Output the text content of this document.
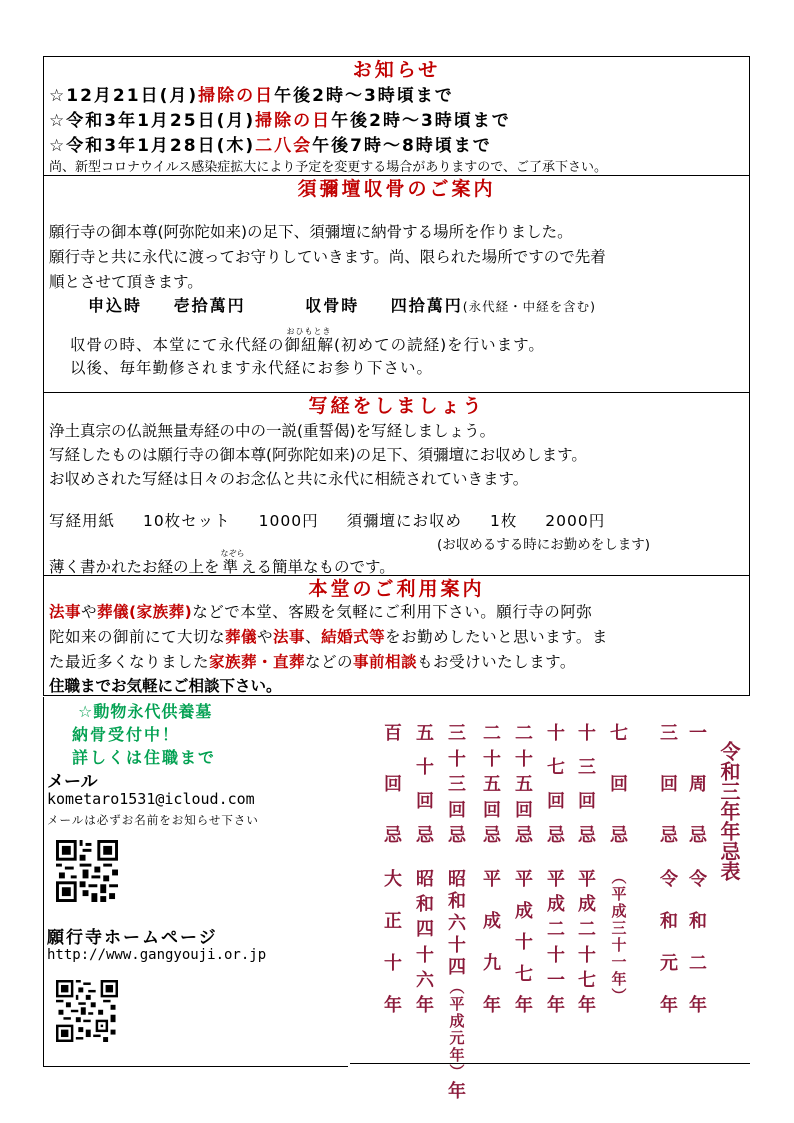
お知らせ
☆12月21日(月)掃除の日午後2時～3時頃まで
☆令和3年1月25日(月)掃除の日午後2時～3時頃まで
☆令和3年1月28日(木)二八会午後7時～8時頃まで
尚、新型コロナウイルス感染症拡大により予定を変更する場合がありますので、ご了承下さい。
須彌壇収骨のご案内
願行寺の御本尊(阿弥陀如来)の足下、須彌壇に納骨する場所を作りました。
願行寺と共に永代に渡ってお守りしていきます。尚、限られた場所ですので先着
順とさせて頂きます。
申込時 壱拾萬円	収骨時 四拾萬円(永代経・中経を含む)
収骨の時、本堂にて永代経の
おひもとき
御紐解(初めての読経)を行います。
以後、毎年勤修されます永代経にお参り下さい。
写経をしましょう
浄土真宗の仏説無量寿経の中の一説(重誓偈)を写経しましょう。
写経したものは願行寺の御本尊(阿弥陀如来)の足下、須彌壇にお収めします。
お収めされた写経は日々のお念仏と共に永代に相続されていきます。
写経用紙 10枚セット 1000円 須彌壇にお収め 1枚 2000円
(お収めるする時にお勤めをします)
薄く書かれたお経の上を
なぞら
準 える簡単なものです。
本堂のご利用案内
法事や葬儀(家族葬)などで本堂、客殿を気軽にご利用下さい。願行寺の阿弥
陀如来の御前にて大切な葬儀や法事、結婚式等をお勤めしたいと思います。ま
た最近多くなりました家族葬・直葬などの事前相談もお受けいたします。
住職までお気軽にご相談下さい。
☆動物永代供養墓
納骨受付中！
詳しくは住職まで
メール
kometaro1531@icloud.com
メールは必ずお名前をお知らせ下さい
願行寺ホームページ
http://www.gangyouji.or.jp
一
周
忌
令
和
二
年
三
回
忌
令
和
元
年
七
回
忌
︵
平
成
三
十
一
年
︶
十
三
回
忌
平
成
二
十
七
年
十
七
回
忌
平
成
二
十
一
年
二
十
五
回
忌
平
成
十
七
年
二
十
五
回
忌
平
成
九
年
三
十
三
回
忌
昭
和
六
十
四
︵
平
成
元
年
︶
年
五
十
回
忌
昭
和
四
十
六
年
百
回
忌
大
正
十
年
令和三年年忌表
